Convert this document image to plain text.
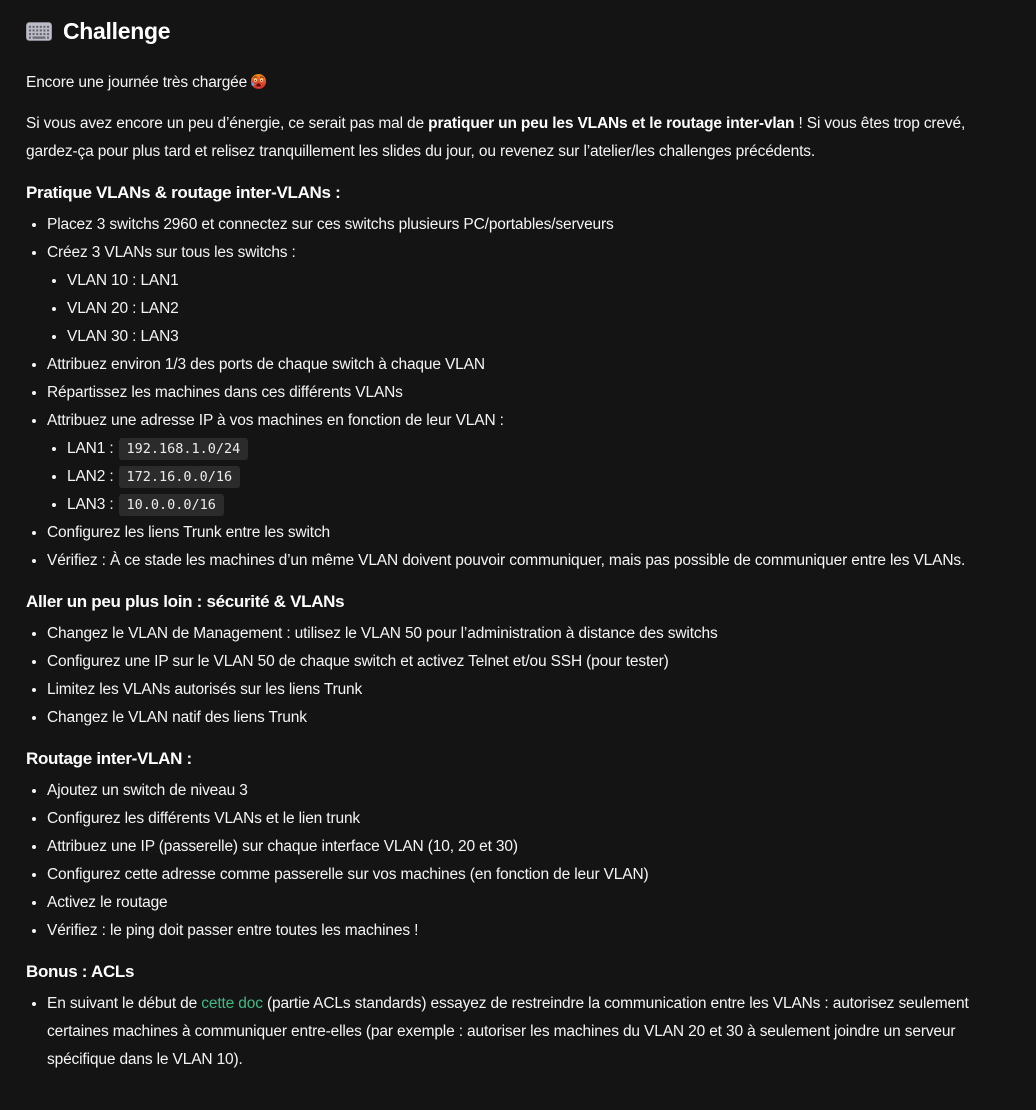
Challenge

Encore une journée très chargée

Si vous avez encore un peu d’énergie, ce serait pas mal de pratiquer un peu les VLANs et le routage inter-vlan ! Si vous êtes trop crevé, gardez-ça pour plus tard et relisez tranquillement les slides du jour, ou revenez sur l’atelier/les challenges précédents.

Pratique VLANs & routage inter-VLANs :
• Placez 3 switchs 2960 et connectez sur ces switchs plusieurs PC/portables/serveurs
• Créez 3 VLANs sur tous les switchs :
• VLAN 10 : LAN1
• VLAN 20 : LAN2
• VLAN 30 : LAN3
• Attribuez environ 1/3 des ports de chaque switch à chaque VLAN
• Répartissez les machines dans ces différents VLANs
• Attribuez une adresse IP à vos machines en fonction de leur VLAN :
• LAN1 : 192.168.1.0/24
• LAN2 : 172.16.0.0/16
• LAN3 : 10.0.0.0/16
• Configurez les liens Trunk entre les switch
• Vérifiez : À ce stade les machines d’un même VLAN doivent pouvoir communiquer, mais pas possible de communiquer entre les VLANs.
Aller un peu plus loin : sécurité & VLANs
• Changez le VLAN de Management : utilisez le VLAN 50 pour l’administration à distance des switchs
• Configurez une IP sur le VLAN 50 de chaque switch et activez Telnet et/ou SSH (pour tester)
• Limitez les VLANs autorisés sur les liens Trunk
• Changez le VLAN natif des liens Trunk
Routage inter-VLAN :
• Ajoutez un switch de niveau 3
• Configurez les différents VLANs et le lien trunk
• Attribuez une IP (passerelle) sur chaque interface VLAN (10, 20 et 30)
• Configurez cette adresse comme passerelle sur vos machines (en fonction de leur VLAN)
• Activez le routage
• Vérifiez : le ping doit passer entre toutes les machines !
Bonus : ACLs
• En suivant le début de cette doc (partie ACLs standards) essayez de restreindre la communication entre les VLANs : autorisez seulement certaines machines à communiquer entre-elles (par exemple : autoriser les machines du VLAN 20 et 30 à seulement joindre un serveur spécifique dans le VLAN 10).
